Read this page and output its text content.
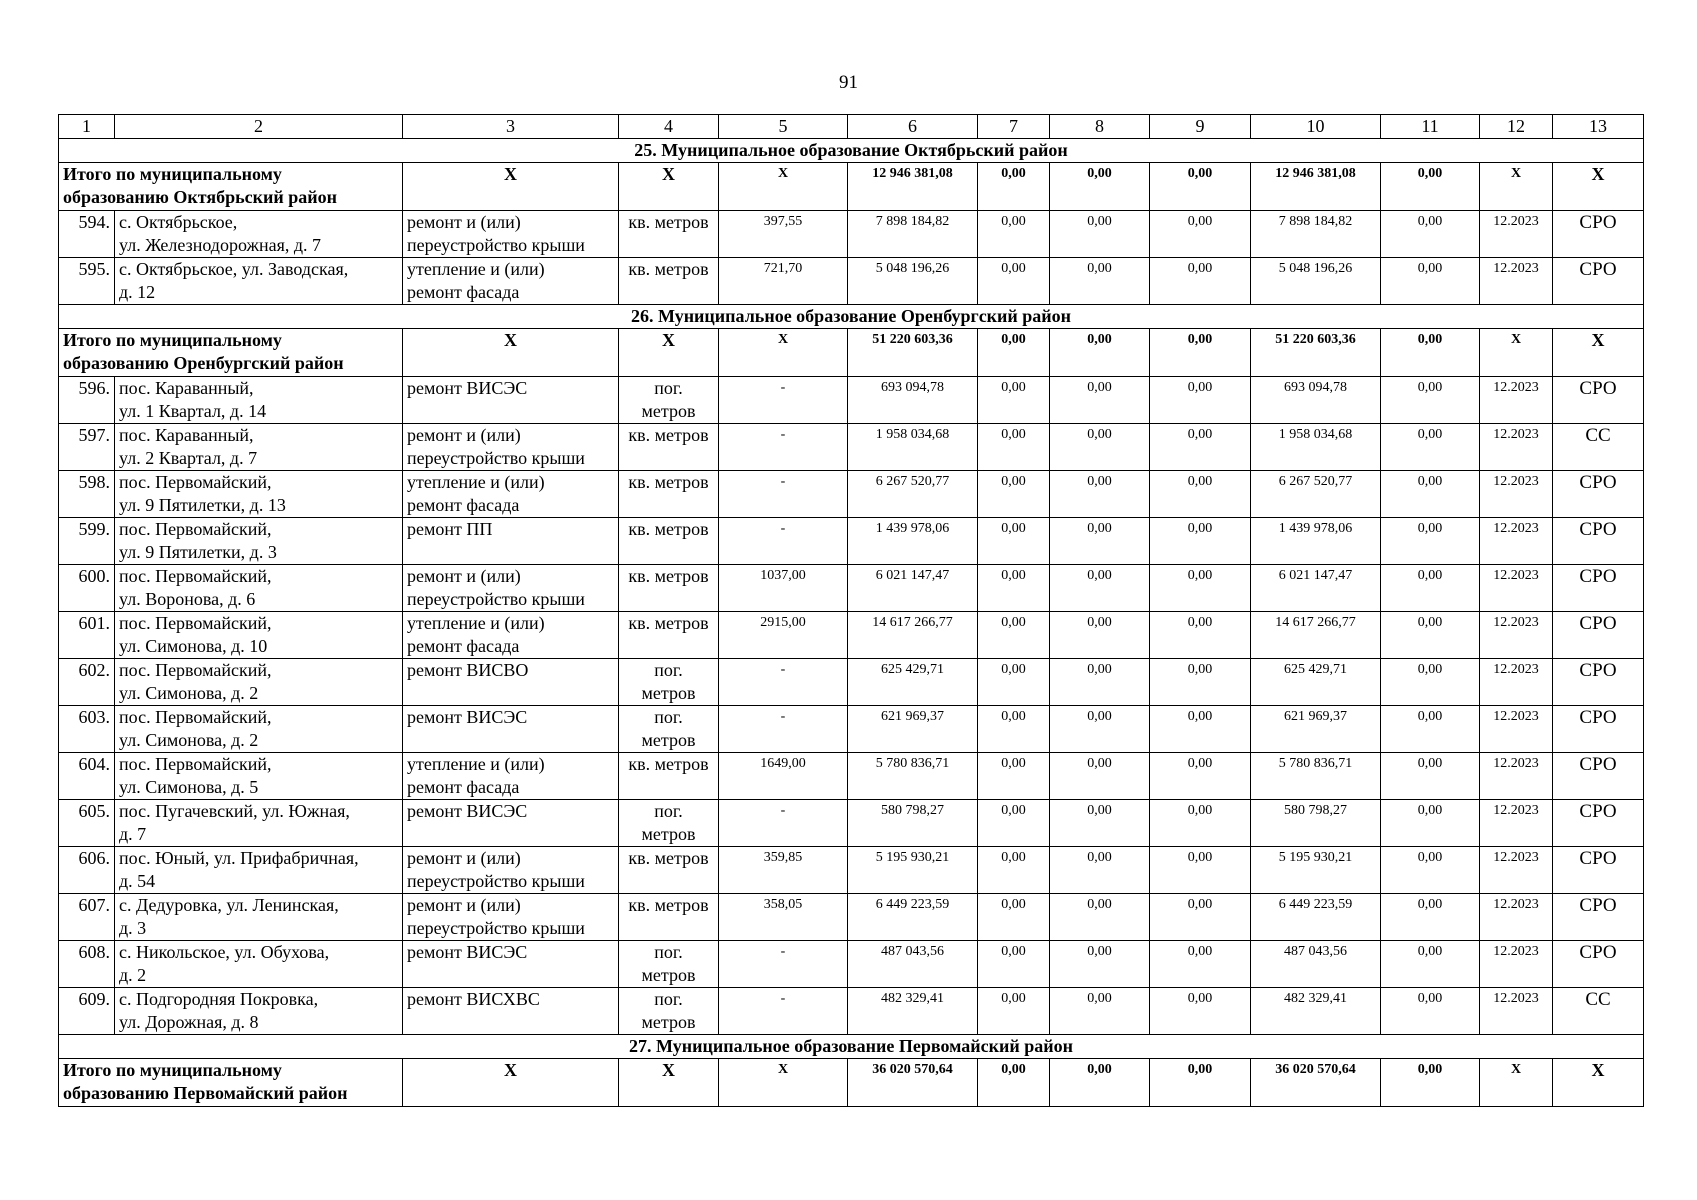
91
1	2	3	4	5	6	7	8	9	10	11	12	13
25. Муниципальное образование Октябрьский район												

Итого по муниципальному
образованию Октябрьский район		X	X	X	12 946 381,08	0,00	0,00	0,00	12 946 381,08	0,00	X	X
594.	с. Октябрьское,
ул. Железнодорожная, д. 7	ремонт и (или)
переустройство крыши	кв. метров	397,55	7 898 184,82	0,00	0,00	0,00	7 898 184,82	0,00	12.2023	СРО
595.	с. Октябрьское, ул. Заводская,
д. 12	утепление и (или)
ремонт фасада	кв. метров	721,70	5 048 196,26	0,00	0,00	0,00	5 048 196,26	0,00	12.2023	СРО
26. Муниципальное образование Оренбургский район												

Итого по муниципальному
образованию Оренбургский район		X	X	X	51 220 603,36	0,00	0,00	0,00	51 220 603,36	0,00	X	X
596.	пос. Караванный,
ул. 1 Квартал, д. 14	ремонт ВИСЭС	пог.
метров	-	693 094,78	0,00	0,00	0,00	693 094,78	0,00	12.2023	СРО
597.	пос. Караванный,
ул. 2 Квартал, д. 7	ремонт и (или)
переустройство крыши	кв. метров	-	1 958 034,68	0,00	0,00	0,00	1 958 034,68	0,00	12.2023	СС
598.	пос. Первомайский,
ул. 9 Пятилетки, д. 13	утепление и (или)
ремонт фасада	кв. метров	-	6 267 520,77	0,00	0,00	0,00	6 267 520,77	0,00	12.2023	СРО
599.	пос. Первомайский,
ул. 9 Пятилетки, д. 3	ремонт ПП	кв. метров	-	1 439 978,06	0,00	0,00	0,00	1 439 978,06	0,00	12.2023	СРО
600.	пос. Первомайский,
ул. Воронова, д. 6	ремонт и (или)
переустройство крыши	кв. метров	1037,00	6 021 147,47	0,00	0,00	0,00	6 021 147,47	0,00	12.2023	СРО
601.	пос. Первомайский,
ул. Симонова, д. 10	утепление и (или)
ремонт фасада	кв. метров	2915,00	14 617 266,77	0,00	0,00	0,00	14 617 266,77	0,00	12.2023	СРО
602.	пос. Первомайский,
ул. Симонова, д. 2	ремонт ВИСВО	пог.
метров	-	625 429,71	0,00	0,00	0,00	625 429,71	0,00	12.2023	СРО
603.	пос. Первомайский,
ул. Симонова, д. 2	ремонт ВИСЭС	пог.
метров	-	621 969,37	0,00	0,00	0,00	621 969,37	0,00	12.2023	СРО
604.	пос. Первомайский,
ул. Симонова, д. 5	утепление и (или)
ремонт фасада	кв. метров	1649,00	5 780 836,71	0,00	0,00	0,00	5 780 836,71	0,00	12.2023	СРО
605.	пос. Пугачевский, ул. Южная,
д. 7	ремонт ВИСЭС	пог.
метров	-	580 798,27	0,00	0,00	0,00	580 798,27	0,00	12.2023	СРО
606.	пос. Юный, ул. Прифабричная,
д. 54	ремонт и (или)
переустройство крыши	кв. метров	359,85	5 195 930,21	0,00	0,00	0,00	5 195 930,21	0,00	12.2023	СРО
607.	с. Дедуровка, ул. Ленинская,
д. 3	ремонт и (или)
переустройство крыши	кв. метров	358,05	6 449 223,59	0,00	0,00	0,00	6 449 223,59	0,00	12.2023	СРО
608.	с. Никольское, ул. Обухова,
д. 2	ремонт ВИСЭС	пог.
метров	-	487 043,56	0,00	0,00	0,00	487 043,56	0,00	12.2023	СРО
609.	с. Подгородняя Покровка,
ул. Дорожная, д. 8	ремонт ВИСХВС	пог.
метров	-	482 329,41	0,00	0,00	0,00	482 329,41	0,00	12.2023	СС
27. Муниципальное образование Первомайский район												

Итого по муниципальному
образованию Первомайский район		X	X	X	36 020 570,64	0,00	0,00	0,00	36 020 570,64	0,00	X	X
